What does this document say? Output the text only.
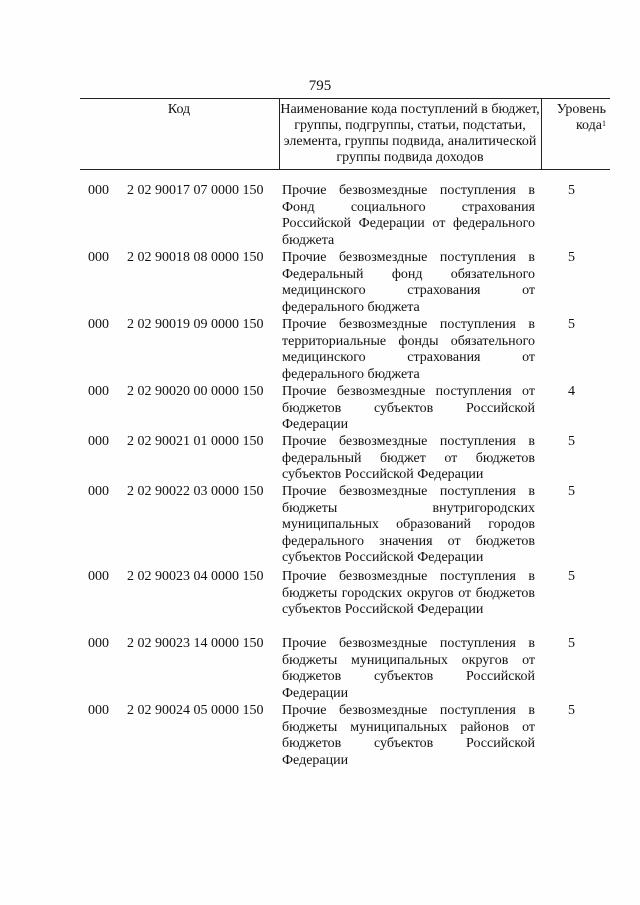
795
Код	Наименование кода поступлений в бюджет, группы, подгруппы, статьи, подстатьи, элемента, группы подвида, аналитической группы подвида доходов
Уровень кода$^1$
000 2 02 90017 07 0000 150 Прочие безвозмездные поступления в Фонд социального страхования Российской Федерации от федерального бюджета
5
000 2 02 90018 08 0000 150 Прочие безвозмездные поступления в Федеральный фонд обязательного медицинского страхования от федерального бюджета
5
000 2 02 90019 09 0000 150 Прочие безвозмездные поступления в территориальные фонды обязательного медицинского страхования от федерального бюджета
5
000 2 02 90020 00 0000 150 Прочие безвозмездные поступления от бюджетов субъектов Российской Федерации
4
000 2 02 90021 01 0000 150 Прочие безвозмездные поступления в федеральный бюджет от бюджетов субъектов Российской Федерации
5
000 2 02 90022 03 0000 150 Прочие безвозмездные поступления в бюджеты внутригородских муниципальных образований городов федерального значения от бюджетов субъектов Российской Федерации
5
000 2 02 90023 04 0000 150 Прочие безвозмездные поступления в бюджеты городских округов от бюджетов субъектов Российской Федерации
5
000 2 02 90023 14 0000 150 Прочие безвозмездные поступления в бюджеты муниципальных округов от бюджетов субъектов Российской Федерации
5
000 2 02 90024 05 0000 150 Прочие безвозмездные поступления в бюджеты муниципальных районов от бюджетов субъектов Российской Федерации
5
